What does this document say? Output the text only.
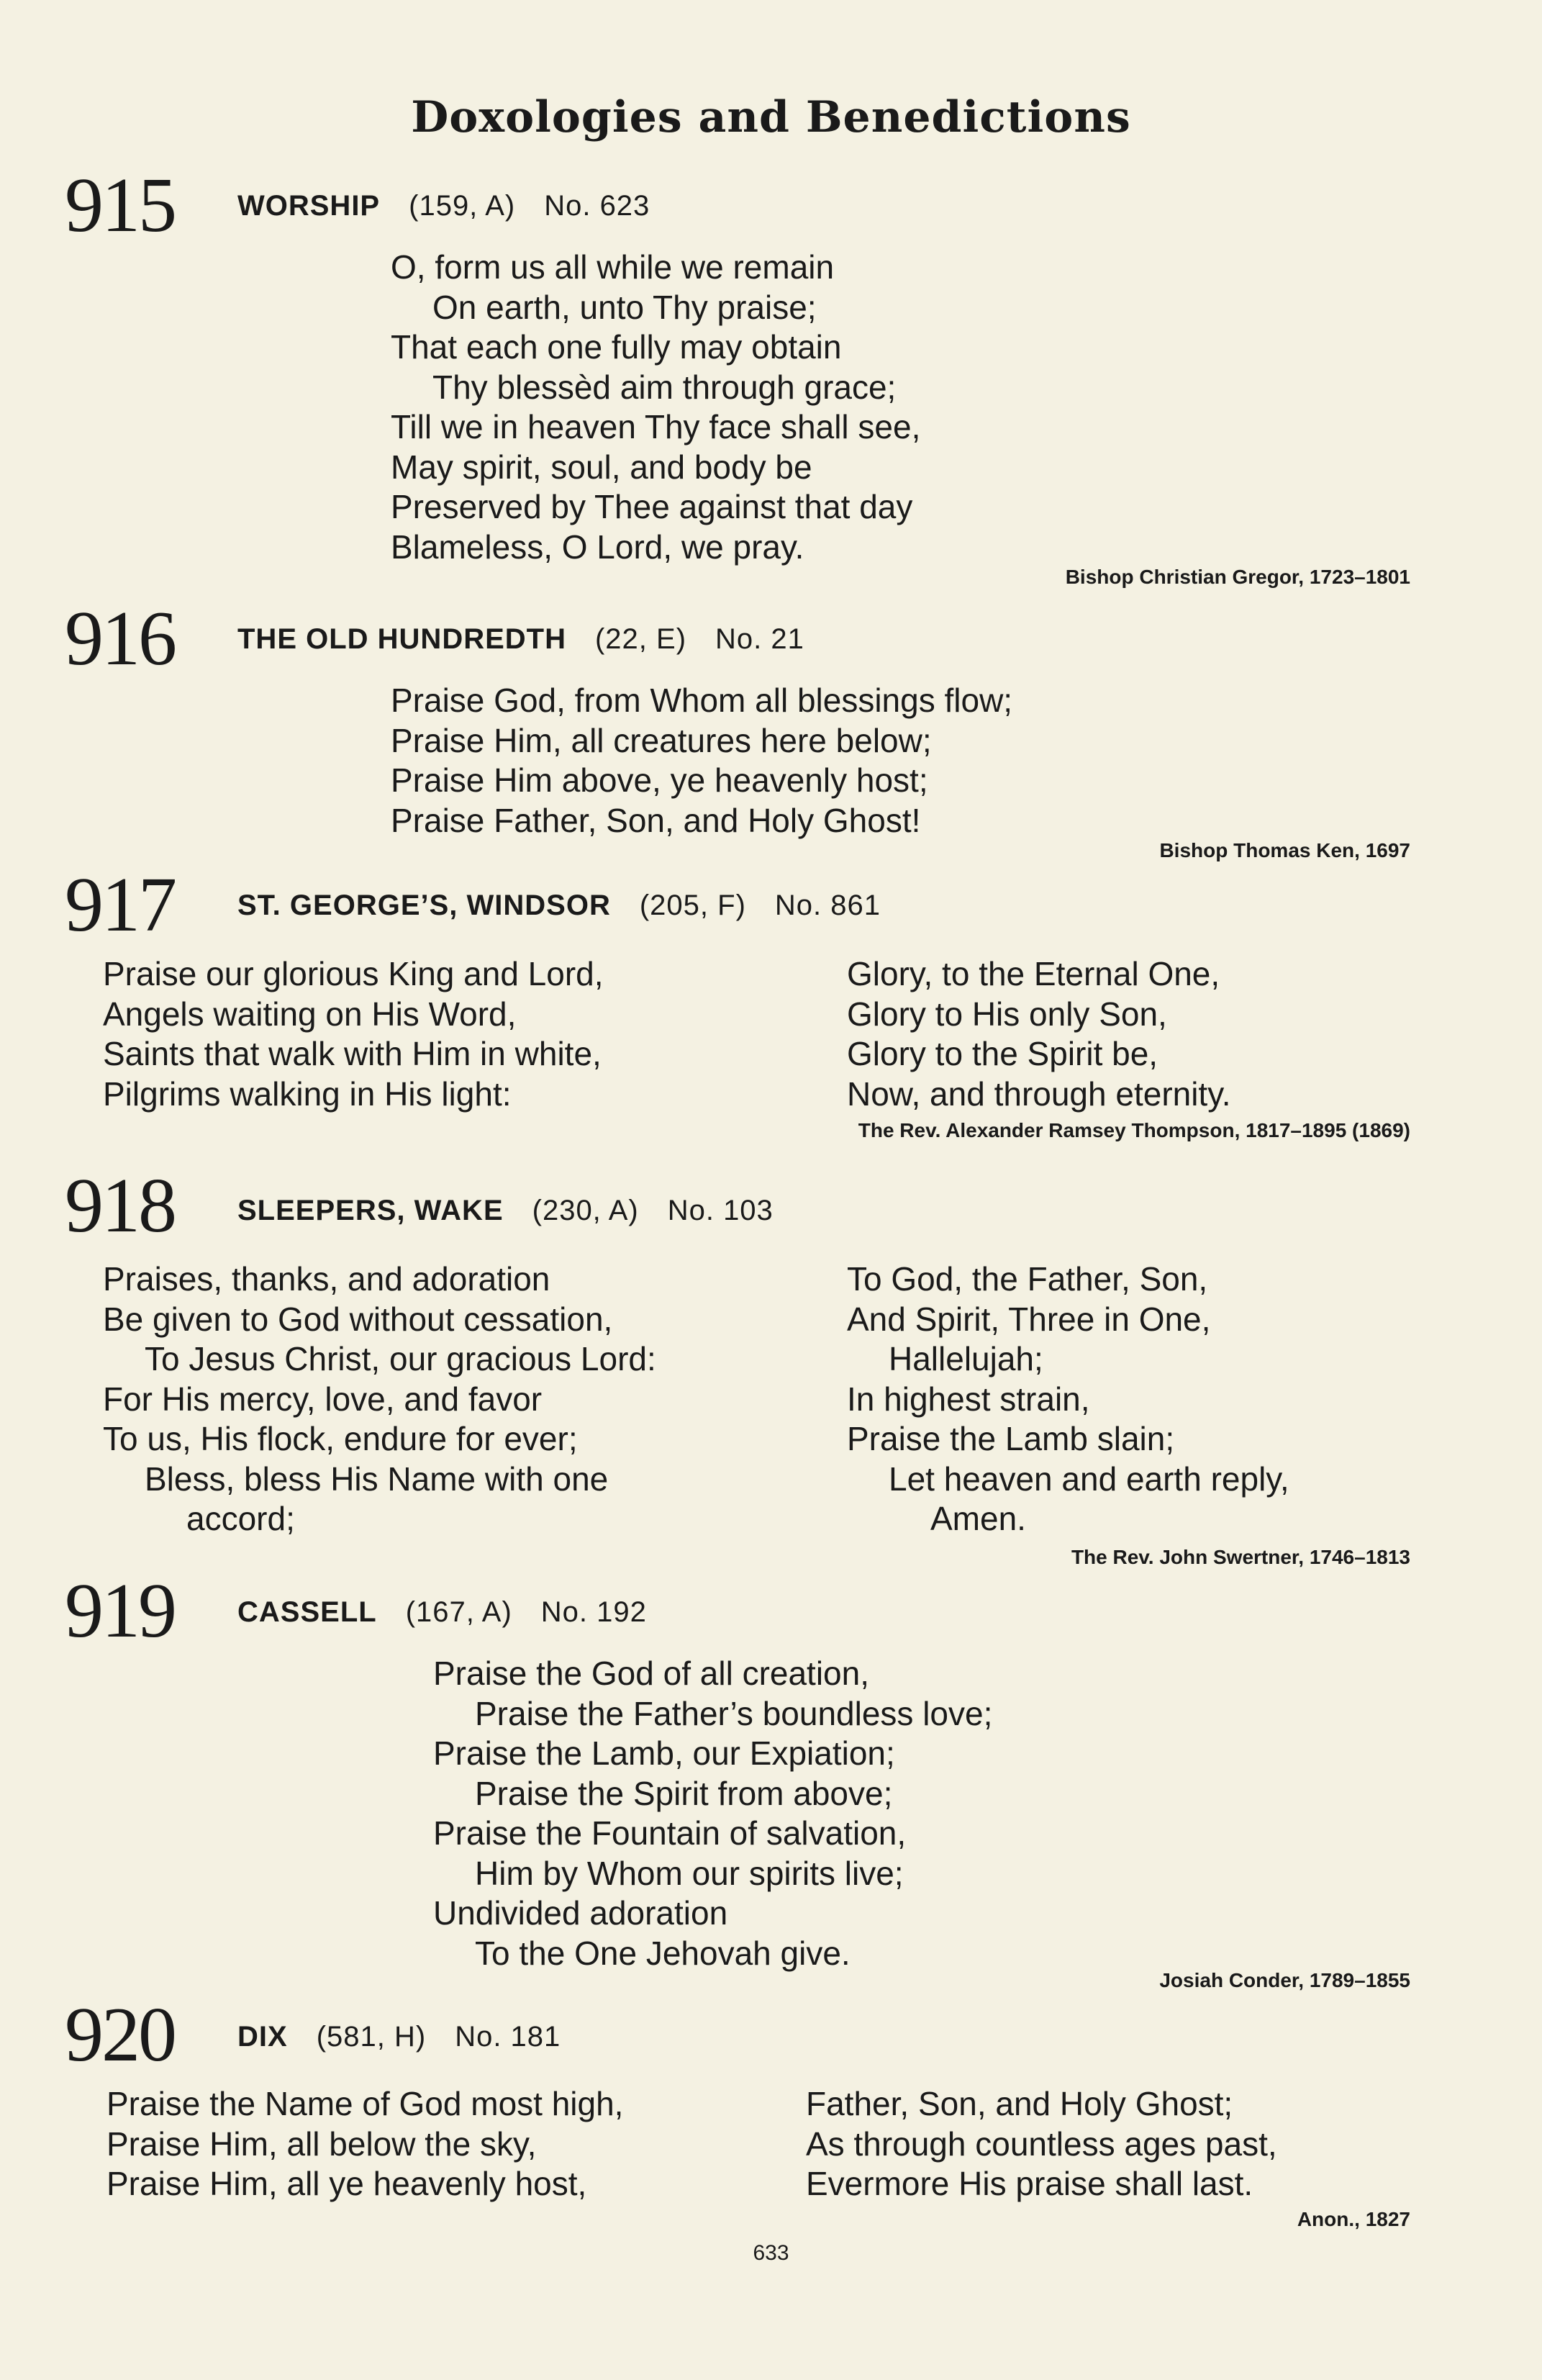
Doxologies and Benedictions
915 WORSHIP (159, A) No. 623
O, form us all while we remain
On earth, unto Thy praise;
That each one fully may obtain
Thy blessèd aim through grace;
Till we in heaven Thy face shall see,
May spirit, soul, and body be
Preserved by Thee against that day
Blameless, O Lord, we pray.
Bishop Christian Gregor, 1723–1801
916 THE OLD HUNDREDTH (22, E) No. 21
Praise God, from Whom all blessings flow;
Praise Him, all creatures here below;
Praise Him above, ye heavenly host;
Praise Father, Son, and Holy Ghost!
Bishop Thomas Ken, 1697
917 ST. GEORGE’S, WINDSOR (205, F) No. 861
Praise our glorious King and Lord,
Angels waiting on His Word,
Saints that walk with Him in white,
Pilgrims walking in His light:
Glory, to the Eternal One,
Glory to His only Son,
Glory to the Spirit be,
Now, and through eternity.
The Rev. Alexander Ramsey Thompson, 1817–1895 (1869)
918 SLEEPERS, WAKE (230, A) No. 103
Praises, thanks, and adoration
Be given to God without cessation,
To Jesus Christ, our gracious Lord:
For His mercy, love, and favor
To us, His flock, endure for ever;
Bless, bless His Name with one
accord;
To God, the Father, Son,
And Spirit, Three in One,
Hallelujah;
In highest strain,
Praise the Lamb slain;
Let heaven and earth reply,
Amen.
The Rev. John Swertner, 1746–1813
919 CASSELL (167, A) No. 192
Praise the God of all creation,
Praise the Father’s boundless love;
Praise the Lamb, our Expiation;
Praise the Spirit from above;
Praise the Fountain of salvation,
Him by Whom our spirits live;
Undivided adoration
To the One Jehovah give.
Josiah Conder, 1789–1855
920 DIX (581, H) No. 181
Praise the Name of God most high,
Praise Him, all below the sky,
Praise Him, all ye heavenly host,
Father, Son, and Holy Ghost;
As through countless ages past,
Evermore His praise shall last.
Anon., 1827
633
